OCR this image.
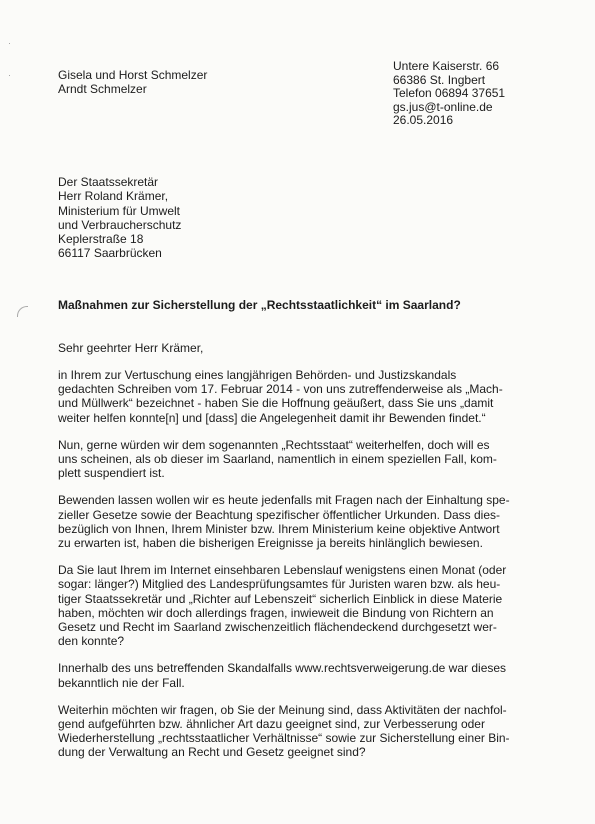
·
·	Gisela und Horst Schmelzer
Arndt Schmelzer
Untere Kaiserstr. 66
66386 St. Ingbert
Telefon 06894 37651
gs.jus@t-online.de
26.05.2016
Der Staatssekretär
Herr Roland Krämer,
Ministerium für Umwelt
und Verbraucherschutz
Keplerstraße 18
66117 Saarbrücken
Maßnahmen zur Sicherstellung der „Rechtsstaatlichkeit“ im Saarland?
Sehr geehrter Herr Krämer,

in Ihrem zur Vertuschung eines langjährigen Behörden- und Justizskandals
gedachten Schreiben vom 17. Februar 2014 - von uns zutreffenderweise als „Mach-
und Müllwerk“ bezeichnet - haben Sie die Hoffnung geäußert, dass Sie uns „damit
weiter helfen konnte[n] und [dass] die Angelegenheit damit ihr Bewenden findet.“

Nun, gerne würden wir dem sogenannten „Rechtsstaat“ weiterhelfen, doch will es
uns scheinen, als ob dieser im Saarland, namentlich in einem speziellen Fall, kom-
plett suspendiert ist.

Bewenden lassen wollen wir es heute jedenfalls mit Fragen nach der Einhaltung spe-
zieller Gesetze sowie der Beachtung spezifischer öffentlicher Urkunden. Dass dies-
bezüglich von Ihnen, Ihrem Minister bzw. Ihrem Ministerium keine objektive Antwort
zu erwarten ist, haben die bisherigen Ereignisse ja bereits hinlänglich bewiesen.

Da Sie laut Ihrem im Internet einsehbaren Lebenslauf wenigstens einen Monat (oder
sogar: länger?) Mitglied des Landesprüfungsamtes für Juristen waren bzw. als heu-
tiger Staatssekretär und „Richter auf Lebenszeit“ sicherlich Einblick in diese Materie
haben, möchten wir doch allerdings fragen, inwieweit die Bindung von Richtern an
Gesetz und Recht im Saarland zwischenzeitlich flächendeckend durchgesetzt wer-
den konnte?

Innerhalb des uns betreffenden Skandalfalls www.rechtsverweigerung.de war dieses
bekanntlich nie der Fall.

Weiterhin möchten wir fragen, ob Sie der Meinung sind, dass Aktivitäten der nachfol-
gend aufgeführten bzw. ähnlicher Art dazu geeignet sind, zur Verbesserung oder
Wiederherstellung „rechtsstaatlicher Verhältnisse“ sowie zur Sicherstellung einer Bin-
dung der Verwaltung an Recht und Gesetz geeignet sind?
